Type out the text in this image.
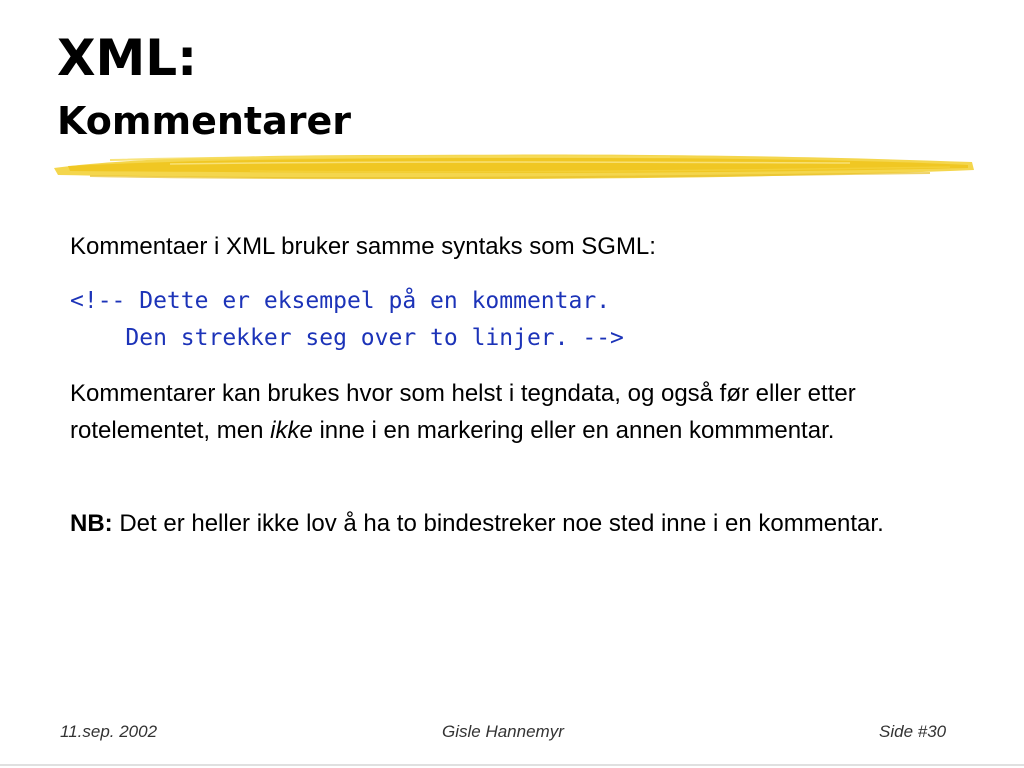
XML:
Kommentarer

Kommentaer i XML bruker samme syntaks som SGML:

<!-- Dette er eksempel på en kommentar.
Den strekker seg over to linjer. -->

Kommentarer kan brukes hvor som helst i tegndata, og også før eller etter rotelementet, men ikke inne i en markering eller en annen kommmentar.

NB: Det er heller ikke lov å ha to bindestreker noe sted inne i en kommentar.

11.sep. 2002	Gisle Hannemyr	Side #30
